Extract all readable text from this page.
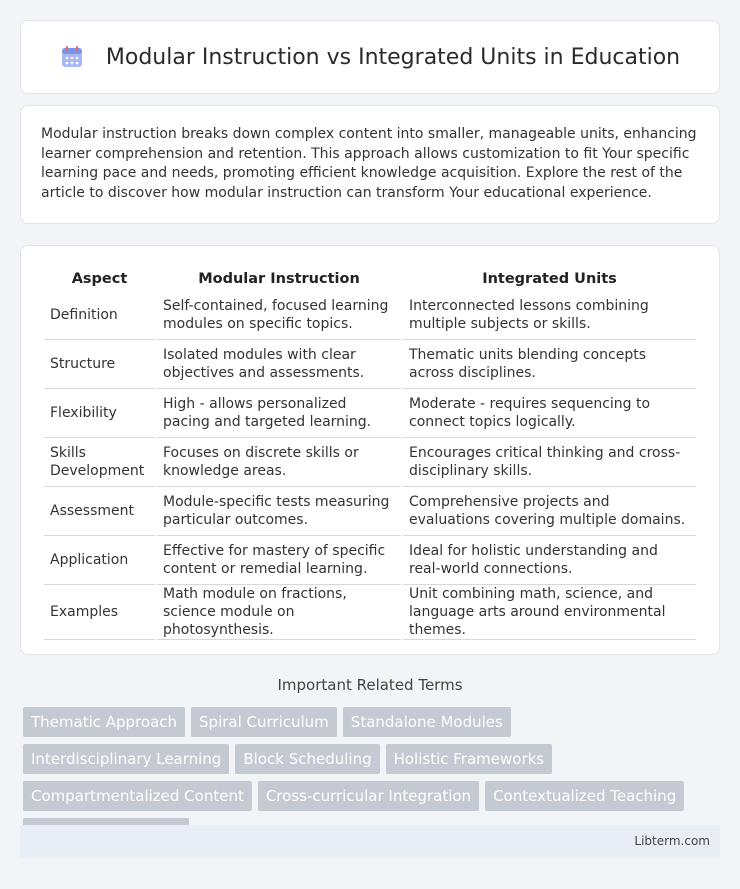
Modular Instruction vs Integrated Units in Education

Modular instruction breaks down complex content into smaller, manageable units, enhancing learner comprehension and retention. This approach allows customization to fit Your specific learning pace and needs, promoting efficient knowledge acquisition. Explore the rest of the article to discover how modular instruction can transform Your educational experience.

Aspect	Modular Instruction	Integrated Units
Definition	Self-contained, focused learning modules on specific topics.	Interconnected lessons combining multiple subjects or skills.
Structure	Isolated modules with clear objectives and assessments.	Thematic units blending concepts across disciplines.
Flexibility	High - allows personalized pacing and targeted learning.	Moderate - requires sequencing to connect topics logically.
Skills Development	Focuses on discrete skills or knowledge areas.	Encourages critical thinking and cross-disciplinary skills.
Assessment	Module-specific tests measuring particular outcomes.	Comprehensive projects and evaluations covering multiple domains.
Application	Effective for mastery of specific content or remedial learning.	Ideal for holistic understanding and real-world connections.
Examples	Math module on fractions, science module on photosynthesis.	Unit combining math, science, and language arts around environmental themes.
Important Related Terms
Thematic Approach	Spiral Curriculum	Standalone Modules
Interdisciplinary Learning	Block Scheduling	Holistic Frameworks
Compartmentalized Content	Cross-curricular Integration	Contextualized Teaching
Libterm.com
